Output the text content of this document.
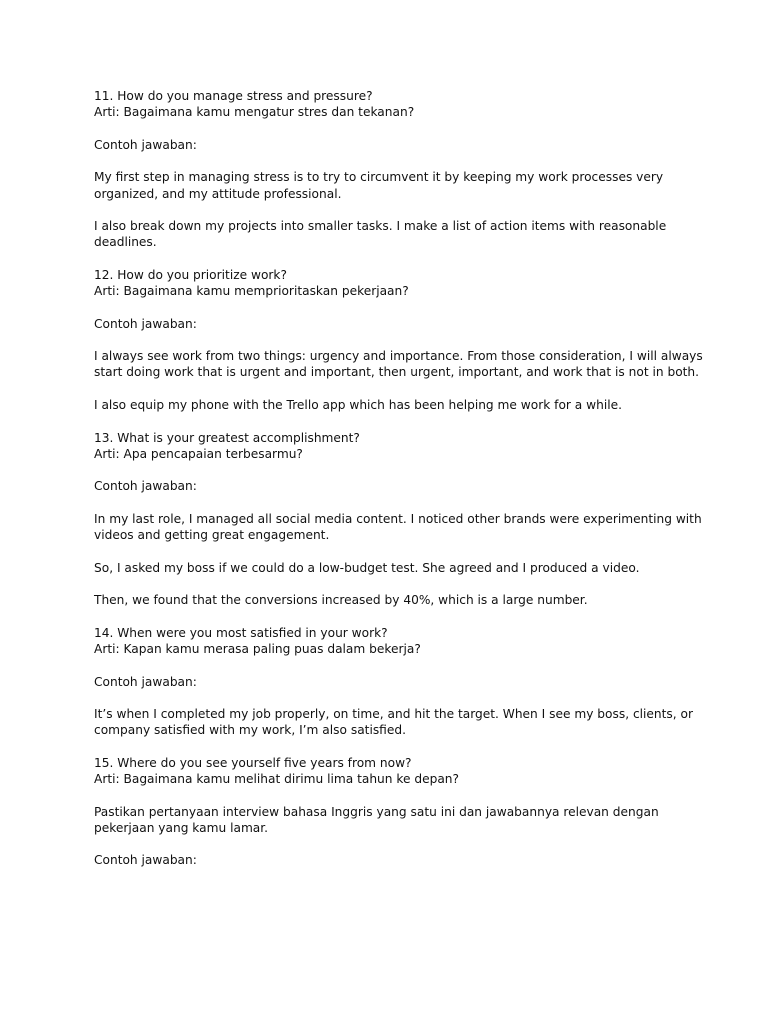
11. How do you manage stress and pressure?
Arti: Bagaimana kamu mengatur stres dan tekanan?
Contoh jawaban:
My first step in managing stress is to try to circumvent it by keeping my work processes very
organized, and my attitude professional.
I also break down my projects into smaller tasks. I make a list of action items with reasonable
deadlines.
12. How do you prioritize work?
Arti: Bagaimana kamu memprioritaskan pekerjaan?
Contoh jawaban:
I always see work from two things: urgency and importance. From those consideration, I will always
start doing work that is urgent and important, then urgent, important, and work that is not in both.
I also equip my phone with the Trello app which has been helping me work for a while.
13. What is your greatest accomplishment?
Arti: Apa pencapaian terbesarmu?
Contoh jawaban:
In my last role, I managed all social media content. I noticed other brands were experimenting with
videos and getting great engagement.
So, I asked my boss if we could do a low-budget test. She agreed and I produced a video.
Then, we found that the conversions increased by 40%, which is a large number.
14. When were you most satisfied in your work?
Arti: Kapan kamu merasa paling puas dalam bekerja?
Contoh jawaban:
It’s when I completed my job properly, on time, and hit the target. When I see my boss, clients, or
company satisfied with my work, I’m also satisfied.
15. Where do you see yourself five years from now?
Arti: Bagaimana kamu melihat dirimu lima tahun ke depan?
Pastikan pertanyaan interview bahasa Inggris yang satu ini dan jawabannya relevan dengan
pekerjaan yang kamu lamar.
Contoh jawaban:
